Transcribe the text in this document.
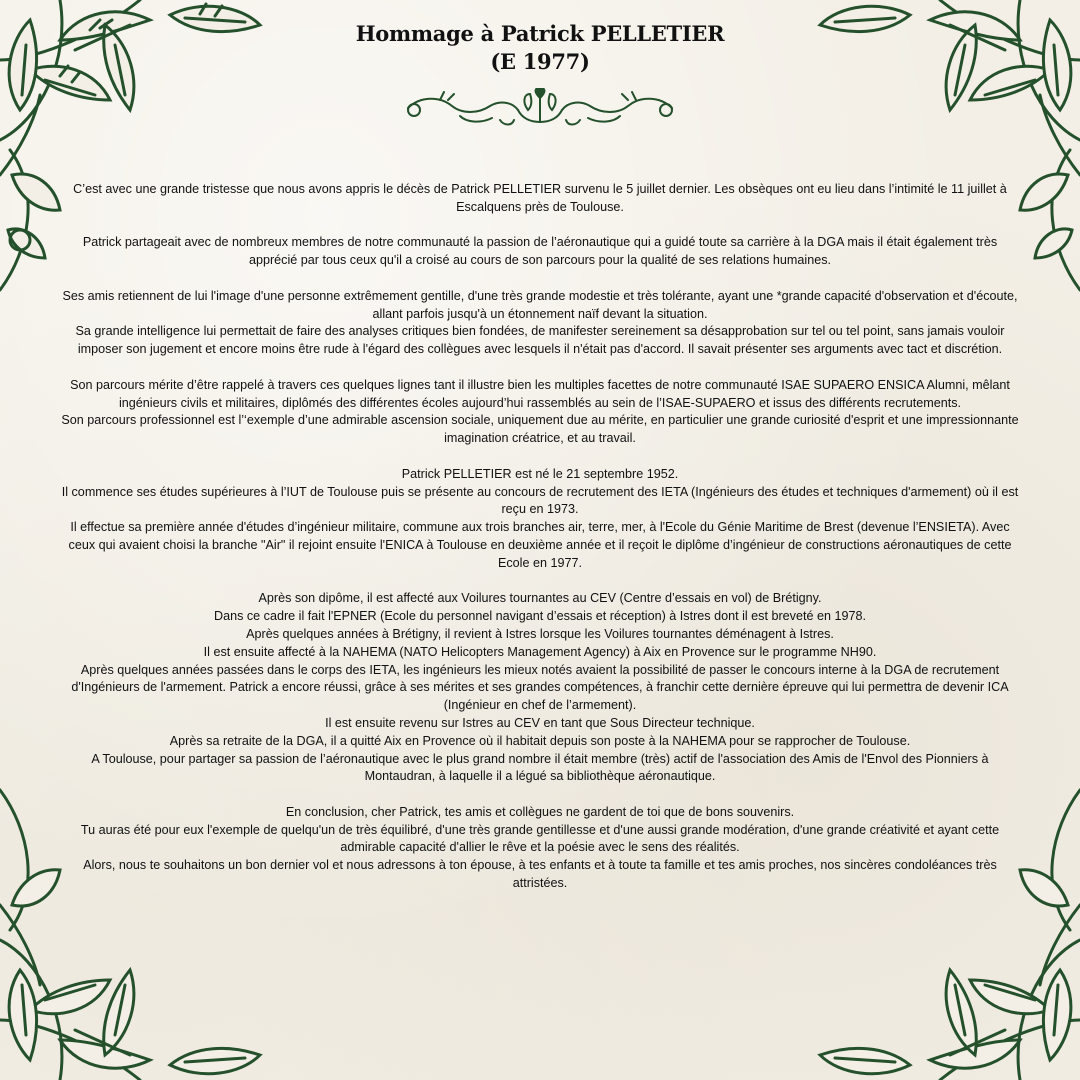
Hommage à Patrick PELLETIER
(E 1977)

C’est avec une grande tristesse que nous avons appris le décès de Patrick PELLETIER survenu le 5 juillet dernier. Les obsèques ont eu lieu dans l’intimité le 11 juillet à Escalquens près de Toulouse.

Patrick partageait avec de nombreux membres de notre communauté la passion de l’aéronautique qui a guidé toute sa carrière à la DGA mais il était également très apprécié par tous ceux qu'il a croisé au cours de son parcours pour la qualité de ses relations humaines.

Ses amis retiennent de lui l'image d'une personne extrêmement gentille, d'une très grande modestie et très tolérante, ayant une *grande capacité d'observation et d'écoute, allant parfois jusqu'à un étonnement naïf devant la situation.
Sa grande intelligence lui permettait de faire des analyses critiques bien fondées, de manifester sereinement sa désapprobation sur tel ou tel point, sans jamais vouloir imposer son jugement et encore moins être rude à l'égard des collègues avec lesquels il n'était pas d'accord. Il savait présenter ses arguments avec tact et discrétion.

Son parcours mérite d’être rappelé à travers ces quelques lignes tant il illustre bien les multiples facettes de notre communauté ISAE SUPAERO ENSICA Alumni, mêlant ingénieurs civils et militaires, diplômés des différentes écoles aujourd’hui rassemblés au sein de l’ISAE-SUPAERO et issus des différents recrutements.
Son parcours professionnel est l’‘exemple d’une admirable ascension sociale, uniquement due au mérite, en particulier une grande curiosité d'esprit et une impressionnante imagination créatrice, et au travail.

Patrick PELLETIER est né le 21 septembre 1952.
Il commence ses études supérieures à l’IUT de Toulouse puis se présente au concours de recrutement des IETA (Ingénieurs des études et techniques d'armement) où il est reçu en 1973.
Il effectue sa première année d'études d’ingénieur militaire, commune aux trois branches air, terre, mer, à l'Ecole du Génie Maritime de Brest (devenue l’ENSIETA). Avec ceux qui avaient choisi la branche "Air" il rejoint ensuite l'ENICA à Toulouse en deuxième année et il reçoit le diplôme d’ingénieur de constructions aéronautiques de cette Ecole en 1977.

Après son dipôme, il est affecté aux Voilures tournantes au CEV (Centre d’essais en vol) de Brétigny.
Dans ce cadre il fait l'EPNER (Ecole du personnel navigant d’essais et réception) à Istres dont il est breveté en 1978.
Après quelques années à Brétigny, il revient à Istres lorsque les Voilures tournantes déménagent à Istres.
Il est ensuite affecté à la NAHEMA (NATO Helicopters Management Agency) à Aix en Provence sur le programme NH90.
Après quelques années passées dans le corps des IETA, les ingénieurs les mieux notés avaient la possibilité de passer le concours interne à la DGA de recrutement d'Ingénieurs de l'armement. Patrick a encore réussi, grâce à ses mérites et ses grandes compétences, à franchir cette dernière épreuve qui lui permettra de devenir ICA (Ingénieur en chef de l’armement).
Il est ensuite revenu sur Istres au CEV en tant que Sous Directeur technique.
Après sa retraite de la DGA, il a quitté Aix en Provence où il habitait depuis son poste à la NAHEMA pour se rapprocher de Toulouse.
A Toulouse, pour partager sa passion de l’aéronautique avec le plus grand nombre il était membre (très) actif de l'association des Amis de l'Envol des Pionniers à Montaudran, à laquelle il a légué sa bibliothèque aéronautique.

En conclusion, cher Patrick, tes amis et collègues ne gardent de toi que de bons souvenirs.
Tu auras été pour eux l'exemple de quelqu'un de très équilibré, d'une très grande gentillesse et d'une aussi grande modération, d'une grande créativité et ayant cette admirable capacité d'allier le rêve et la poésie avec le sens des réalités.
Alors, nous te souhaitons un bon dernier vol et nous adressons à ton épouse, à tes enfants et à toute ta famille et tes amis proches, nos sincères condoléances très attristées.
